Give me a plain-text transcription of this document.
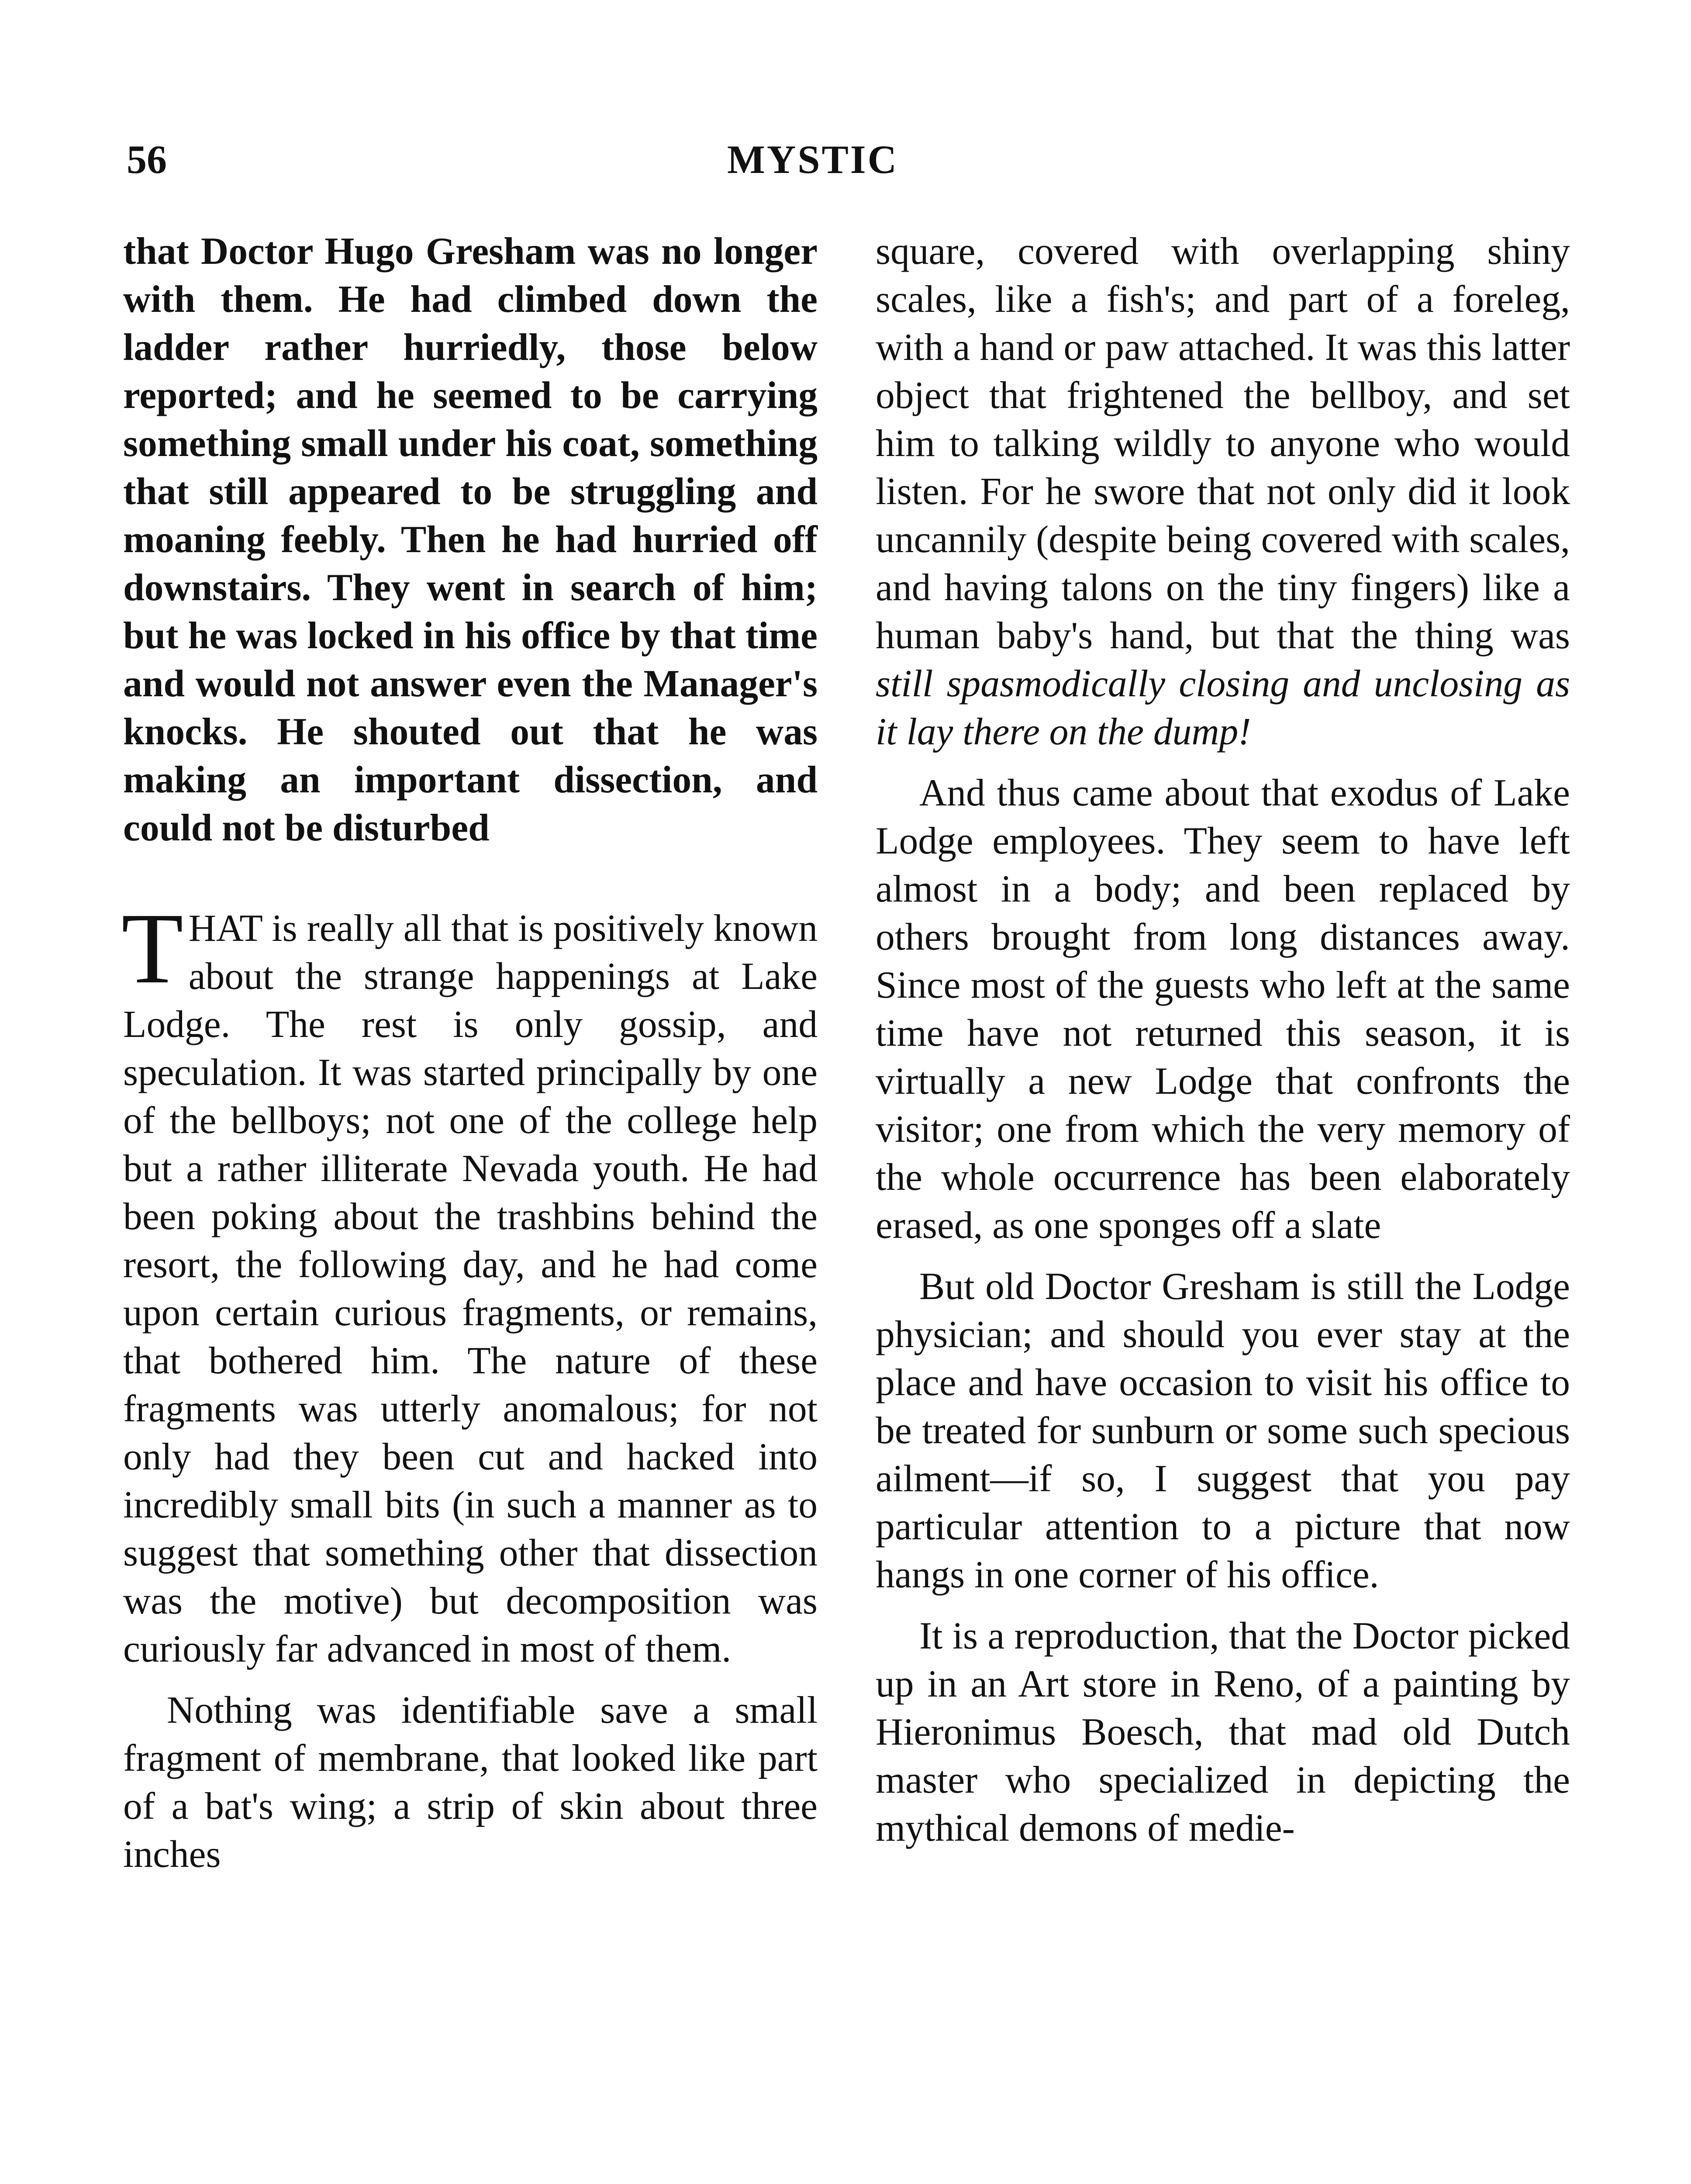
56	MYSTIC

that Doctor Hugo Gresham was no longer with them. He had climbed down the ladder rather hurriedly, those below reported; and he seemed to be carrying something small under his coat, something that still appeared to be struggling and moaning feebly. Then he had hurried off downstairs. They went in search of him; but he was locked in his office by that time and would not answer even the Manager's knocks. He shouted out that he was making an important dissection, and could not be disturbed

THAT is really all that is positively known about the strange happenings at Lake Lodge. The rest is only gossip, and speculation. It was started principally by one of the bellboys; not one of the college help but a rather illiterate Nevada youth. He had been poking about the trashbins behind the resort, the following day, and he had come upon certain curious fragments, or remains, that bothered him. The nature of these fragments was utterly anomalous; for not only had they been cut and hacked into incredibly small bits (in such a manner as to suggest that something other that dissection was the motive) but decomposition was curiously far advanced in most of them.

Nothing was identifiable save a small fragment of membrane, that looked like part of a bat's wing; a strip of skin about three inches

square, covered with overlapping shiny scales, like a fish's; and part of a foreleg, with a hand or paw attached. It was this latter object that frightened the bellboy, and set him to talking wildly to anyone who would listen. For he swore that not only did it look uncannily (despite being covered with scales, and having talons on the tiny fingers) like a human baby's hand, but that the thing was still spasmodically closing and unclosing as it lay there on the dump!

And thus came about that exodus of Lake Lodge employees. They seem to have left almost in a body; and been replaced by others brought from long distances away. Since most of the guests who left at the same time have not returned this season, it is virtually a new Lodge that confronts the visitor; one from which the very memory of the whole occurrence has been elaborately erased, as one sponges off a slate

But old Doctor Gresham is still the Lodge physician; and should you ever stay at the place and have occasion to visit his office to be treated for sunburn or some such specious ailment—if so, I suggest that you pay particular attention to a picture that now hangs in one corner of his office.

It is a reproduction, that the Doctor picked up in an Art store in Reno, of a painting by Hieronimus Boesch, that mad old Dutch master who specialized in depicting the mythical demons of medie-
